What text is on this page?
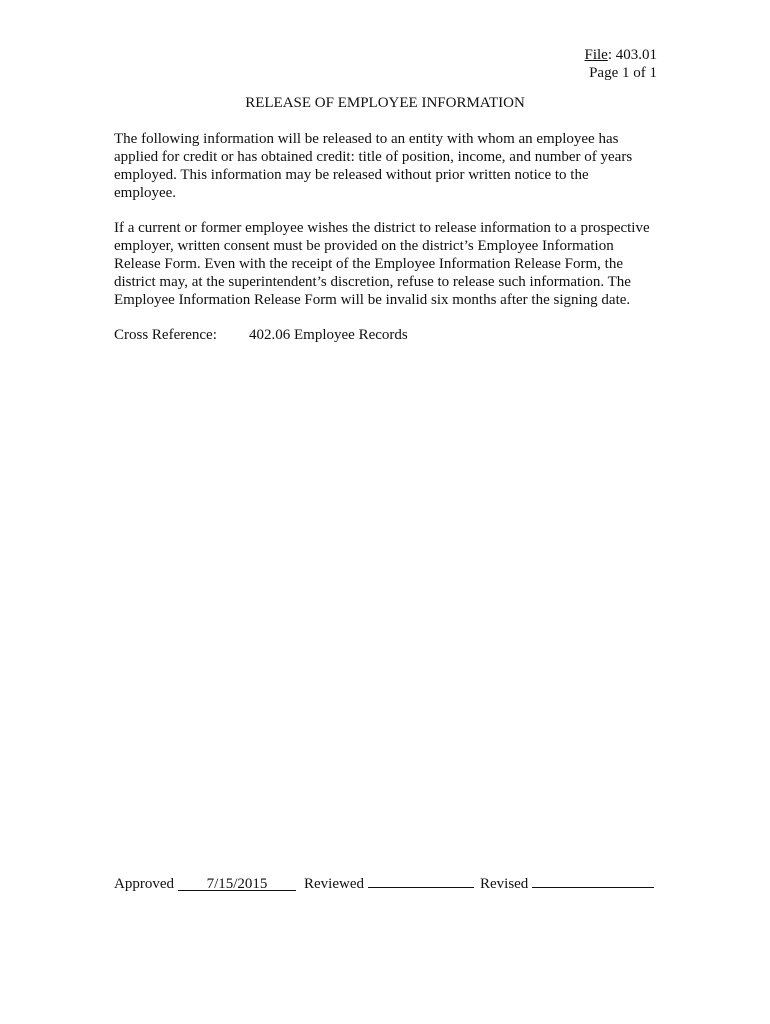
File: 403.01
Page 1 of 1
RELEASE OF EMPLOYEE INFORMATION
The following information will be released to an entity with whom an employee has
applied for credit or has obtained credit: title of position, income, and number of years
employed. This information may be released without prior written notice to the
employee.
If a current or former employee wishes the district to release information to a prospective
employer, written consent must be provided on the district’s Employee Information
Release Form. Even with the receipt of the Employee Information Release Form, the
district may, at the superintendent’s discretion, refuse to release such information. The
Employee Information Release Form will be invalid six months after the signing date.
Cross Reference:	402.06 Employee Records
Approved	7/15/2015	Reviewed	Revised
